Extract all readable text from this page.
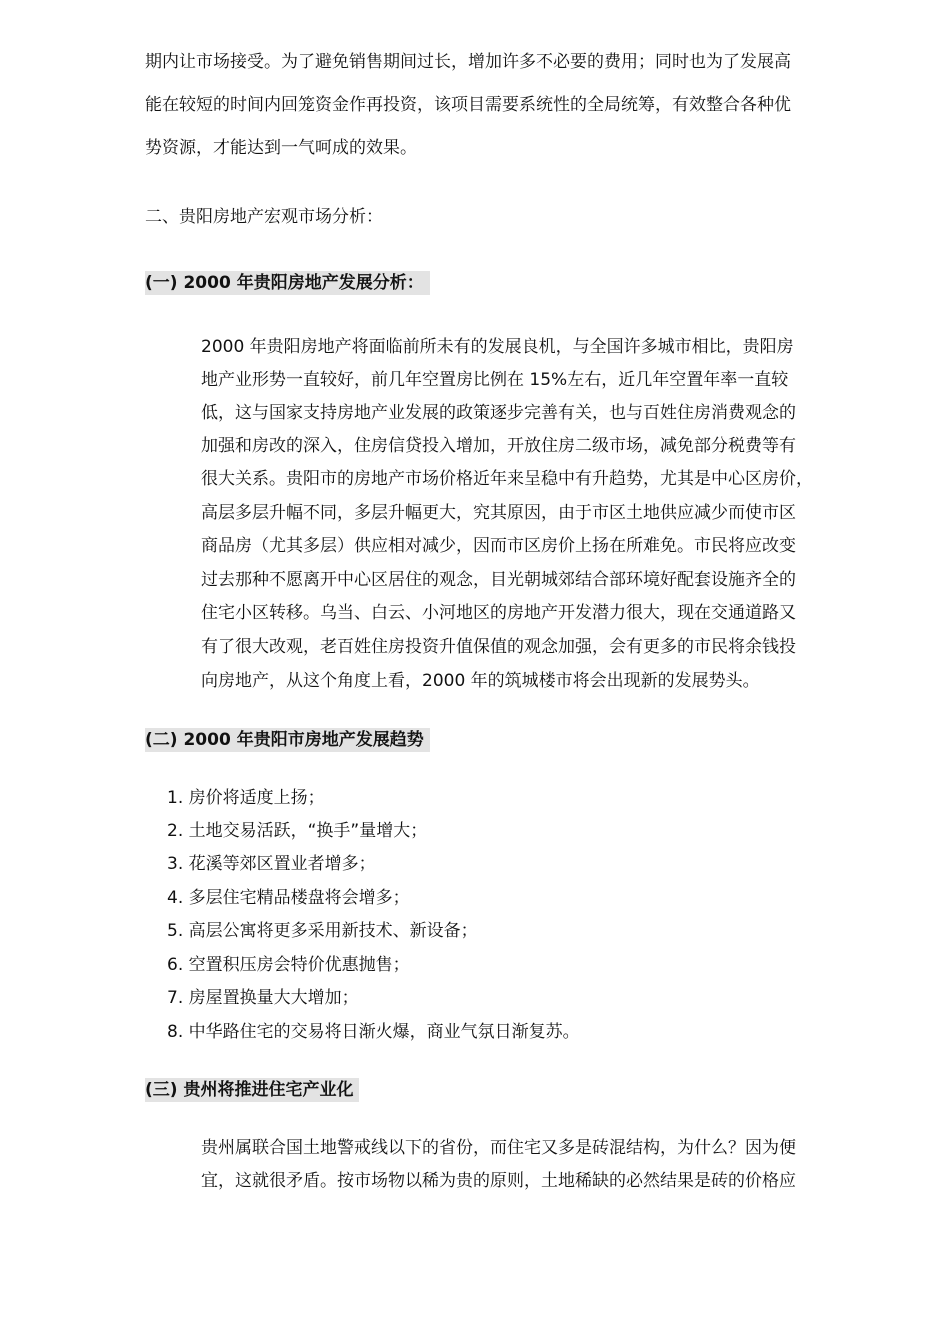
期内让市场接受。为了避免销售期间过长，增加许多不必要的费用；同时也为了发展高
能在较短的时间内回笼资金作再投资，该项目需要系统性的全局统筹，有效整合各种优
势资源，才能达到一气呵成的效果。
二、贵阳房地产宏观市场分析：
(一) 2000 年贵阳房地产发展分析：
2000 年贵阳房地产将面临前所未有的发展良机，与全国许多城市相比，贵阳房
地产业形势一直较好，前几年空置房比例在 15%左右，近几年空置年率一直较
低，这与国家支持房地产业发展的政策逐步完善有关，也与百姓住房消费观念的
加强和房改的深入，住房信贷投入增加，开放住房二级市场，减免部分税费等有
很大关系。贵阳市的房地产市场价格近年来呈稳中有升趋势，尤其是中心区房价，
高层多层升幅不同，多层升幅更大，究其原因，由于市区土地供应减少而使市区
商品房（尤其多层）供应相对减少，因而市区房价上扬在所难免。市民将应改变
过去那种不愿离开中心区居住的观念，目光朝城郊结合部环境好配套设施齐全的
住宅小区转移。乌当、白云、小河地区的房地产开发潜力很大，现在交通道路又
有了很大改观，老百姓住房投资升值保值的观念加强，会有更多的市民将余钱投
向房地产，从这个角度上看，2000 年的筑城楼市将会出现新的发展势头。
(二) 2000 年贵阳市房地产发展趋势
1. 房价将适度上扬；
2. 土地交易活跃，“换手”量增大；
3. 花溪等郊区置业者增多；
4. 多层住宅精品楼盘将会增多；
5. 高层公寓将更多采用新技术、新设备；
6. 空置积压房会特价优惠抛售；
7. 房屋置换量大大增加；
8. 中华路住宅的交易将日渐火爆，商业气氛日渐复苏。
(三) 贵州将推进住宅产业化
贵州属联合国土地警戒线以下的省份，而住宅又多是砖混结构，为什么？因为便
宜，这就很矛盾。按市场物以稀为贵的原则，土地稀缺的必然结果是砖的价格应
